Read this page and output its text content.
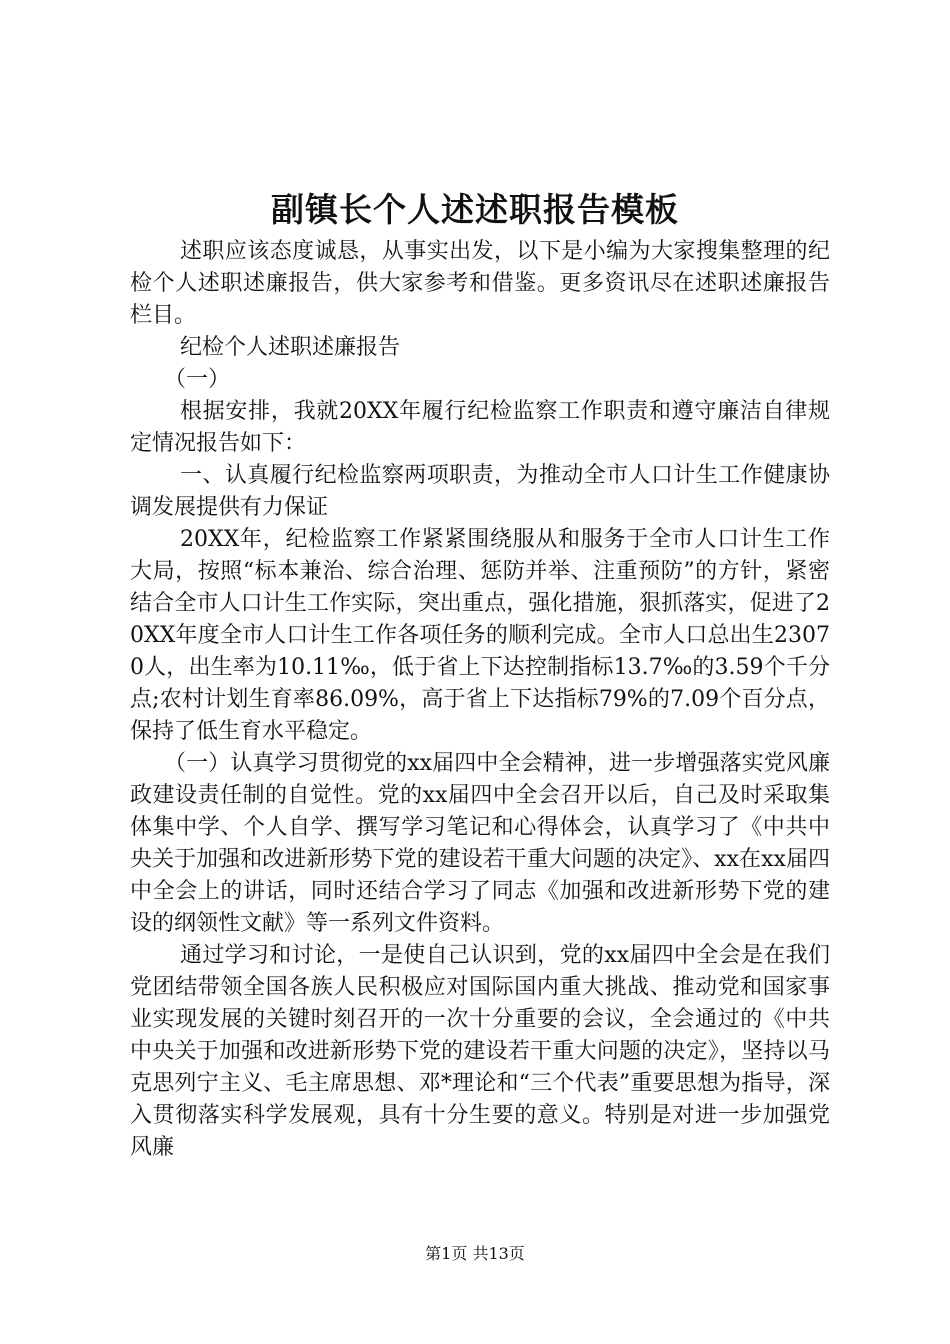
副镇长个人述述职报告模板

述职应该态度诚恳，从事实出发，以下是小编为大家搜集整理的纪检个人述职述廉报告，供大家参考和借鉴。更多资讯尽在述职述廉报告栏目。

纪检个人述职述廉报告

（一）

根据安排，我就20XX年履行纪检监察工作职责和遵守廉洁自律规定情况报告如下：

一、认真履行纪检监察两项职责，为推动全市人口计生工作健康协调发展提供有力保证

20XX年，纪检监察工作紧紧围绕服从和服务于全市人口计生工作大局，按照“标本兼治、综合治理、惩防并举、注重预防”的方针，紧密结合全市人口计生工作实际，突出重点，强化措施，狠抓落实，促进了20XX年度全市人口计生工作各项任务的顺利完成。全市人口总出生23070人，出生率为10.11‰，低于省上下达控制指标13.7‰的3.59个千分点;农村计划生育率86.09%，高于省上下达指标79%的7.09个百分点，保持了低生育水平稳定。

（一）认真学习贯彻党的xx届四中全会精神，进一步增强落实党风廉政建设责任制的自觉性。党的xx届四中全会召开以后，自己及时采取集体集中学、个人自学、撰写学习笔记和心得体会，认真学习了《中共中央关于加强和改进新形势下党的建设若干重大问题的决定》、xx在xx届四中全会上的讲话，同时还结合学习了同志《加强和改进新形势下党的建设的纲领性文献》等一系列文件资料。

通过学习和讨论，一是使自己认识到，党的xx届四中全会是在我们党团结带领全国各族人民积极应对国际国内重大挑战、推动党和国家事业实现发展的关键时刻召开的一次十分重要的会议，全会通过的《中共中央关于加强和改进新形势下党的建设若干重大问题的决定》，坚持以马克思列宁主义、毛主席思想、邓*理论和“三个代表”重要思想为指导，深入贯彻落实科学发展观，具有十分生要的意义。特别是对进一步加强党风廉

第1页 共13页
